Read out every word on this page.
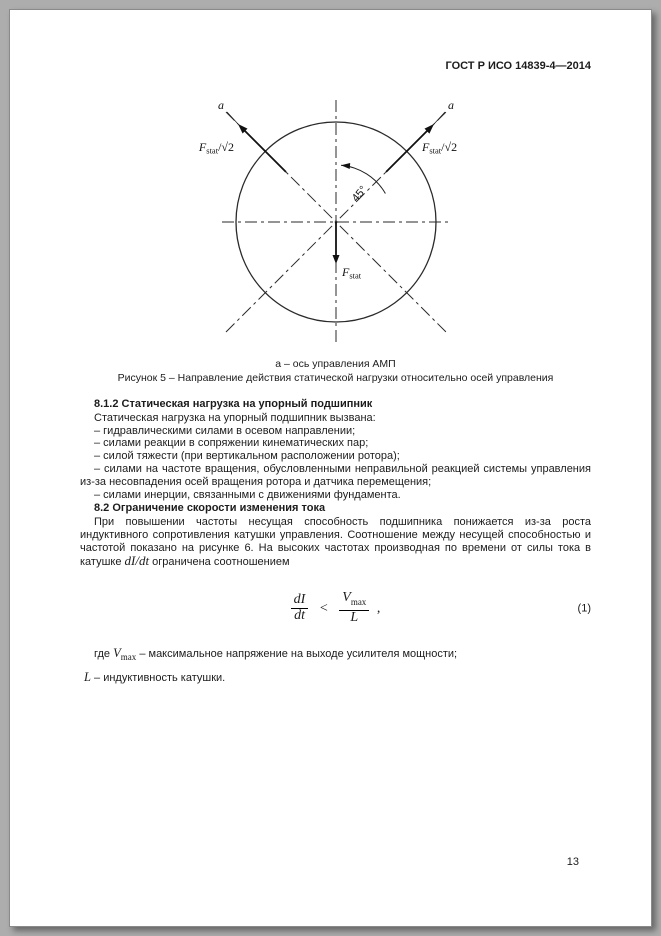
ГОСТ Р ИСО 14839-4—2014
a
a
45°
$F_{stat}/√2$	$F_{stat}/√2$
$F_{stat}$

а – ось управления АМП

Рисунок 5 – Направление действия статической нагрузки относительно осей управления

8.1.2 Статическая нагрузка на упорный подшипник

Статическая нагрузка на упорный подшипник вызвана:

– гидравлическими силами в осевом направлении;

– силами реакции в сопряжении кинематических пар;

– силой тяжести (при вертикальном расположении ротора);

– силами на частоте вращения, обусловленными неправильной реакцией системы управления из-за несовпадения осей вращения ротора и датчика перемещения;

– силами инерции, связанными с движениями фундамента.

8.2 Ограничение скорости изменения тока

При повышении частоты несущая способность подшипника понижается из-за роста индуктивного сопротивления катушки управления. Соотношение между несущей способностью и частотой показано на рисунке 6. На высоких частотах производная по времени от силы тока в катушке dI/dt ограничена соотношением

$\frac{dI}{dt} < \frac{V_{max}}{L}$ ,	(1)

где $V_{max}$ – максимальное напряжение на выходе усилителя мощности;

L – индуктивность катушки.

13
